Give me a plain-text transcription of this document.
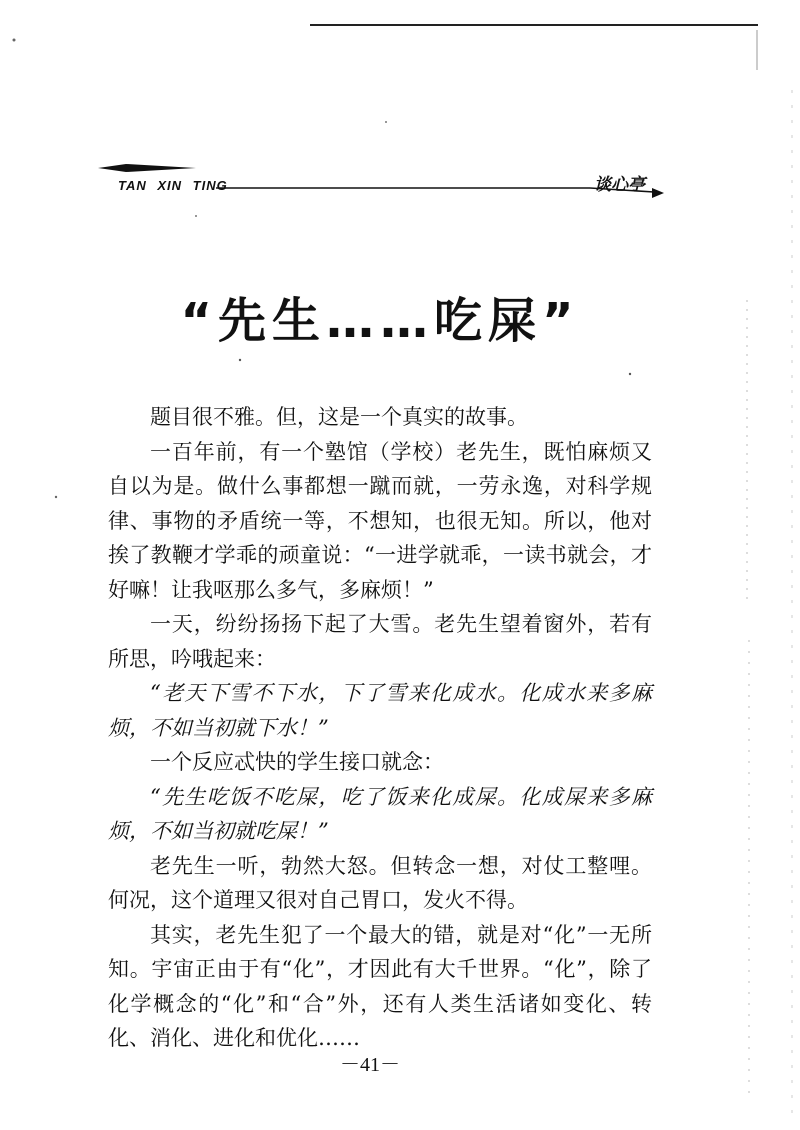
TAN XIN TING	谈心亭
“先生……吃屎”

题目很不雅。但，这是一个真实的故事。

一百年前，有一个塾馆（学校）老先生，既怕麻烦又自以为是。做什么事都想一蹴而就，一劳永逸，对科学规律、事物的矛盾统一等，不想知，也很无知。所以，他对挨了教鞭才学乖的顽童说：“一进学就乖，一读书就会，才好嘛！让我呕那么多气，多麻烦！”

一天，纷纷扬扬下起了大雪。老先生望着窗外，若有所思，吟哦起来：

“老天下雪不下水，下了雪来化成水。化成水来多麻烦，不如当初就下水！”

一个反应忒快的学生接口就念：

“先生吃饭不吃屎，吃了饭来化成屎。化成屎来多麻烦，不如当初就吃屎！”

老先生一听，勃然大怒。但转念一想，对仗工整哩。何况，这个道理又很对自己胃口，发火不得。

其实，老先生犯了一个最大的错，就是对“化”一无所知。宇宙正由于有“化”，才因此有大千世界。“化”，除了化学概念的“化”和“合”外，还有人类生活诸如变化、转化、消化、进化和优化……

－41－
